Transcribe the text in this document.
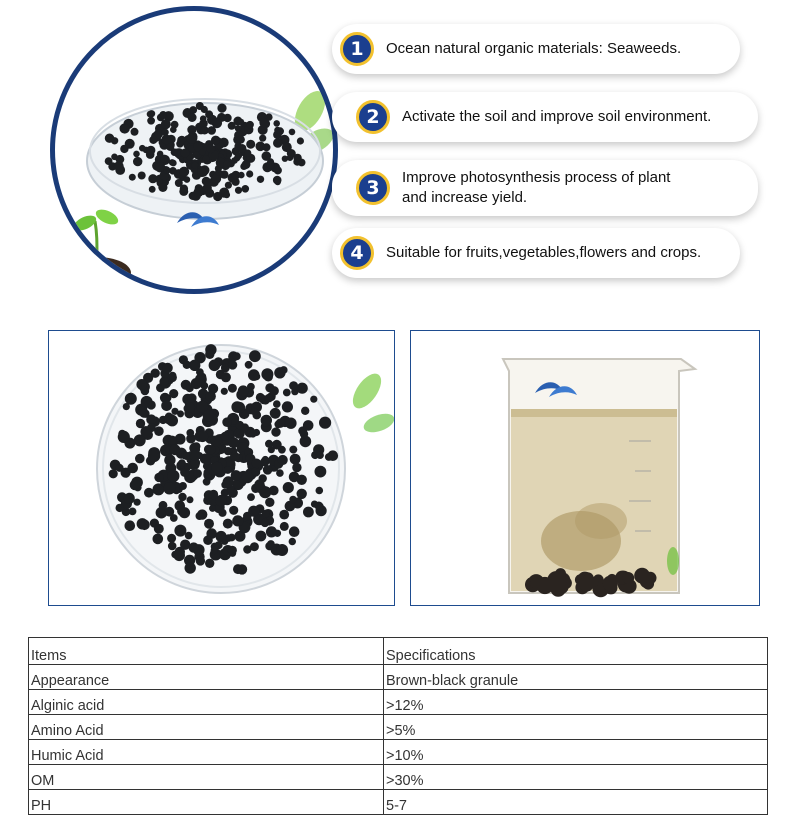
1	Ocean natural organic materials: Seaweeds.
2	Activate the soil and improve soil environment.
3	Improve photosynthesis process of plant
and increase yield.
4	Suitable for fruits,vegetables,flowers and crops.
Items	Specifications
Appearance	Brown-black granule
Alginic acid	>12%
Amino Acid	>5%
Humic Acid	>10%
OM	>30%
PH	5-7
